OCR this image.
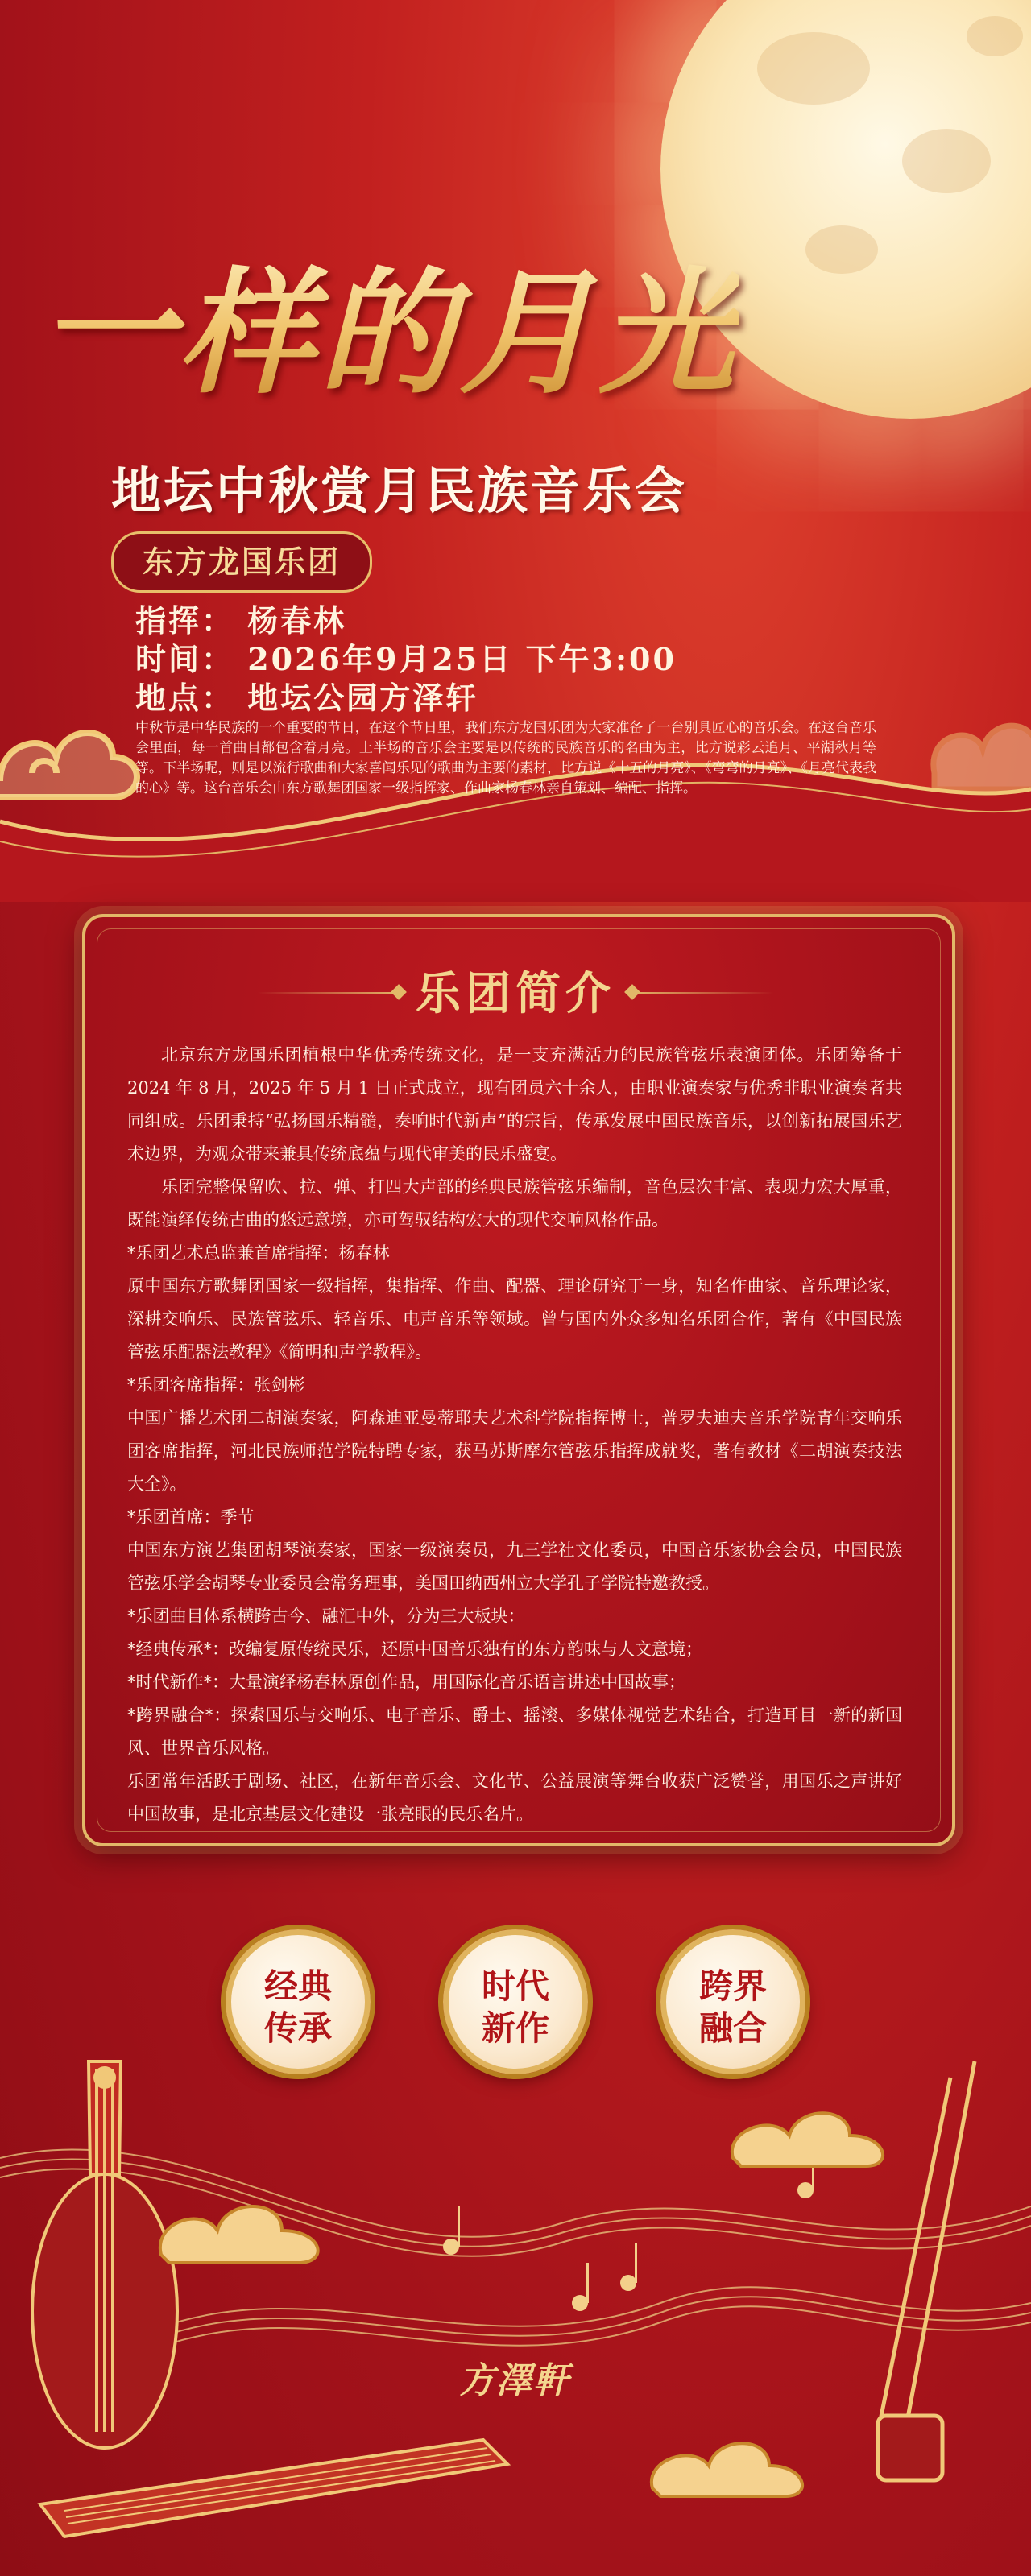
一样的月光
地坛中秋赏月民族音乐会
东方龙国乐团
指挥： 杨春林
时间： 2026年9月25日 下午3:00
地点： 地坛公园方泽轩
中秋节是中华民族的一个重要的节日，在这个节日里，我们东方龙国乐团为大家准备了一台别具匠心的音乐会。在这台音乐会里面，每一首曲目都包含着月亮。上半场的音乐会主要是以传统的民族音乐的名曲为主，比方说彩云追月、平湖秋月等等。下半场呢，则是以流行歌曲和大家喜闻乐见的歌曲为主要的素材，比方说《十五的月亮》、《弯弯的月亮》、《月亮代表我的心》等。这台音乐会由东方歌舞团国家一级指挥家、作曲家杨春林亲自策划、编配、指挥。
乐团简介

北京东方龙国乐团植根中华优秀传统文化，是一支充满活力的民族管弦乐表演团体。乐团筹备于 2024 年 8 月，2025 年 5 月 1 日正式成立，现有团员六十余人，由职业演奏家与优秀非职业演奏者共同组成。乐团秉持“弘扬国乐精髓，奏响时代新声”的宗旨，传承发展中国民族音乐，以创新拓展国乐艺术边界，为观众带来兼具传统底蕴与现代审美的民乐盛宴。

乐团完整保留吹、拉、弹、打四大声部的经典民族管弦乐编制，音色层次丰富、表现力宏大厚重，既能演绎传统古曲的悠远意境，亦可驾驭结构宏大的现代交响风格作品。

*乐团艺术总监兼首席指挥：杨春林

原中国东方歌舞团国家一级指挥，集指挥、作曲、配器、理论研究于一身，知名作曲家、音乐理论家，深耕交响乐、民族管弦乐、轻音乐、电声音乐等领域。曾与国内外众多知名乐团合作，著有《中国民族管弦乐配器法教程》《简明和声学教程》。

*乐团客席指挥：张剑彬

中国广播艺术团二胡演奏家，阿森迪亚曼蒂耶夫艺术科学院指挥博士，普罗夫迪夫音乐学院青年交响乐团客席指挥，河北民族师范学院特聘专家，获马苏斯摩尔管弦乐指挥成就奖，著有教材《二胡演奏技法大全》。

*乐团首席：季节

中国东方演艺集团胡琴演奏家，国家一级演奏员，九三学社文化委员，中国音乐家协会会员，中国民族管弦乐学会胡琴专业委员会常务理事，美国田纳西州立大学孔子学院特邀教授。

*乐团曲目体系横跨古今、融汇中外，分为三大板块：

*经典传承*：改编复原传统民乐，还原中国音乐独有的东方韵味与人文意境；

*时代新作*：大量演绎杨春林原创作品，用国际化音乐语言讲述中国故事；

*跨界融合*：探索国乐与交响乐、电子音乐、爵士、摇滚、多媒体视觉艺术结合，打造耳目一新的新国风、世界音乐风格。

乐团常年活跃于剧场、社区，在新年音乐会、文化节、公益展演等舞台收获广泛赞誉，用国乐之声讲好中国故事，是北京基层文化建设一张亮眼的民乐名片。

经典
传承
时代
新作
跨界
融合
方澤軒
